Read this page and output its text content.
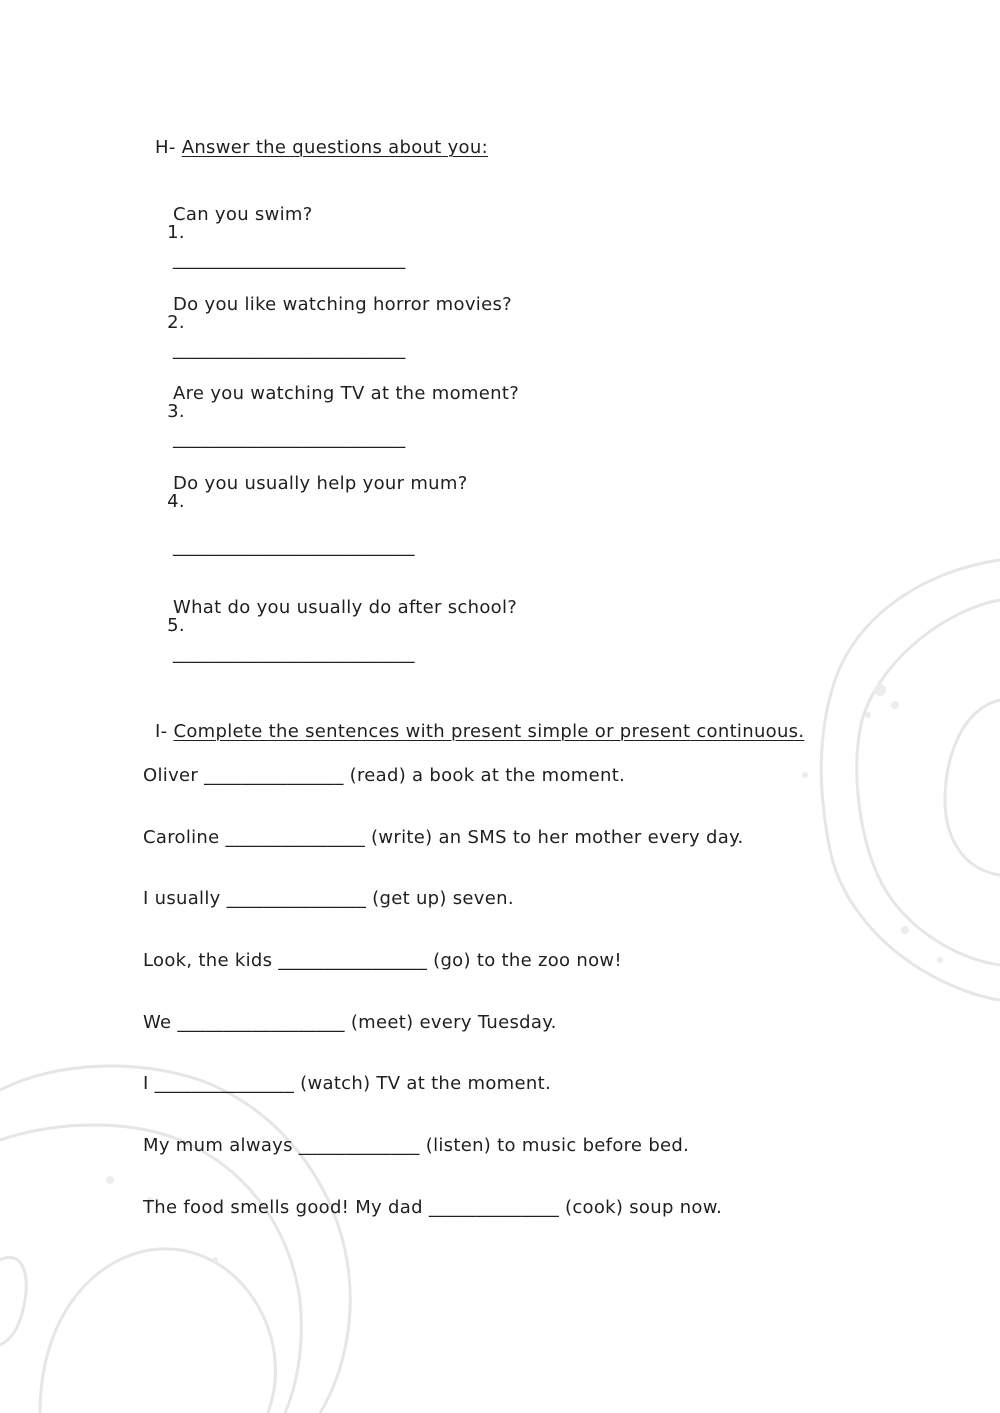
H- Answer the questions about you:

1.

Can you swim?

_________________________

2.

Do you like watching horror movies?

_________________________

3.

Are you watching TV at the moment?

_________________________

4.

Do you usually help your mum?

__________________________

5.

What do you usually do after school?

__________________________

I- Complete the sentences with present simple or present continuous.

Oliver _______________ (read) a book at the moment.
Caroline _______________ (write) an SMS to her mother every day.
I usually _______________ (get up) seven.
Look, the kids ________________ (go) to the zoo now!
We __________________ (meet) every Tuesday.
I _______________ (watch) TV at the moment.
My mum always _____________ (listen) to music before bed.
The food smells good! My dad ______________ (cook) soup now.
